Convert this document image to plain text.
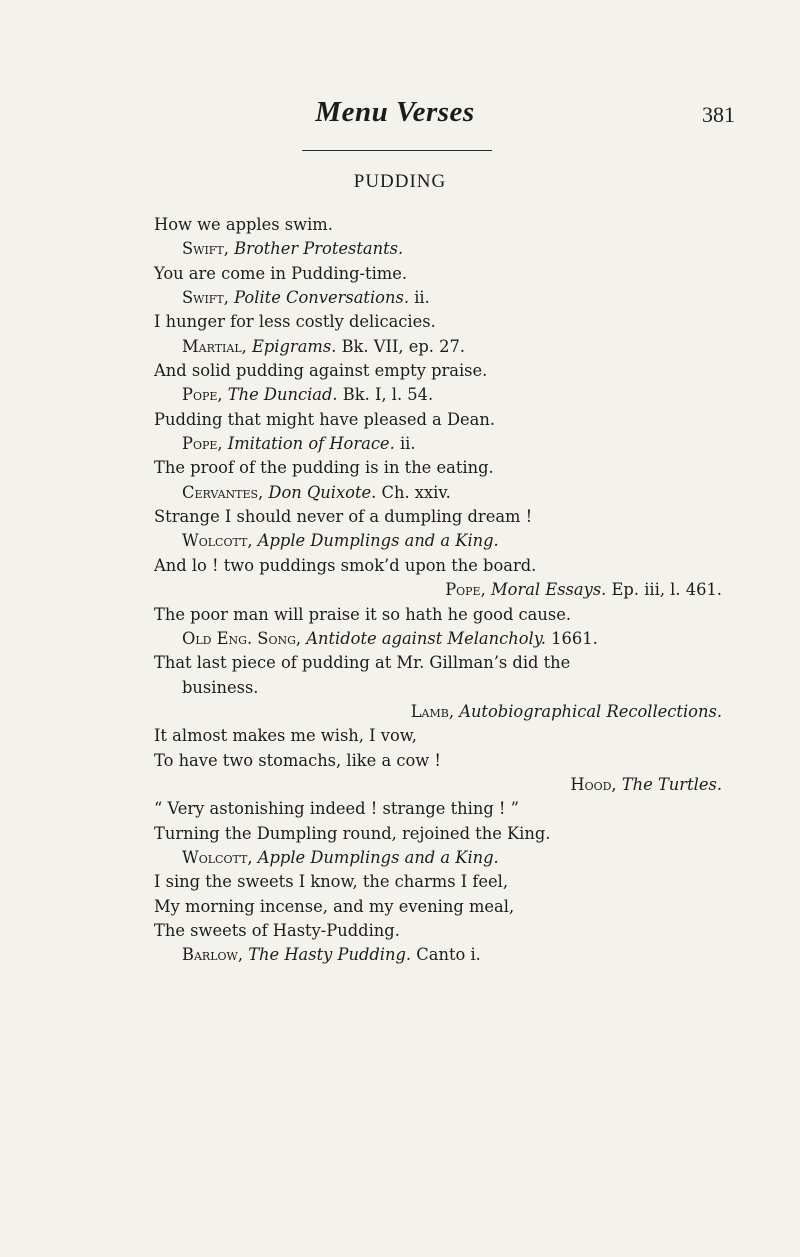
Menu Verses	381
PUDDING
How we apples swim.
Swift, Brother Protestants.
You are come in Pudding-time.
Swift, Polite Conversations. ii.
I hunger for less costly delicacies.
Martial, Epigrams. Bk. VII, ep. 27.
And solid pudding against empty praise.
Pope, The Dunciad. Bk. I, l. 54.
Pudding that might have pleased a Dean.
Pope, Imitation of Horace. ii.
The proof of the pudding is in the eating.
Cervantes, Don Quixote. Ch. xxiv.
Strange I should never of a dumpling dream !
Wolcott, Apple Dumplings and a King.
And lo ! two puddings smok’d upon the board.
Pope, Moral Essays. Ep. iii, l. 461.
The poor man will praise it so hath he good cause.
Old Eng. Song, Antidote against Melancholy. 1661.
That last piece of pudding at Mr. Gillman’s did the
business.
Lamb, Autobiographical Recollections.
It almost makes me wish, I vow,
To have two stomachs, like a cow !
Hood, The Turtles.
“ Very astonishing indeed ! strange thing ! ”
Turning the Dumpling round, rejoined the King.
Wolcott, Apple Dumplings and a King.
I sing the sweets I know, the charms I feel,
My morning incense, and my evening meal,
The sweets of Hasty-Pudding.
Barlow, The Hasty Pudding. Canto i.
